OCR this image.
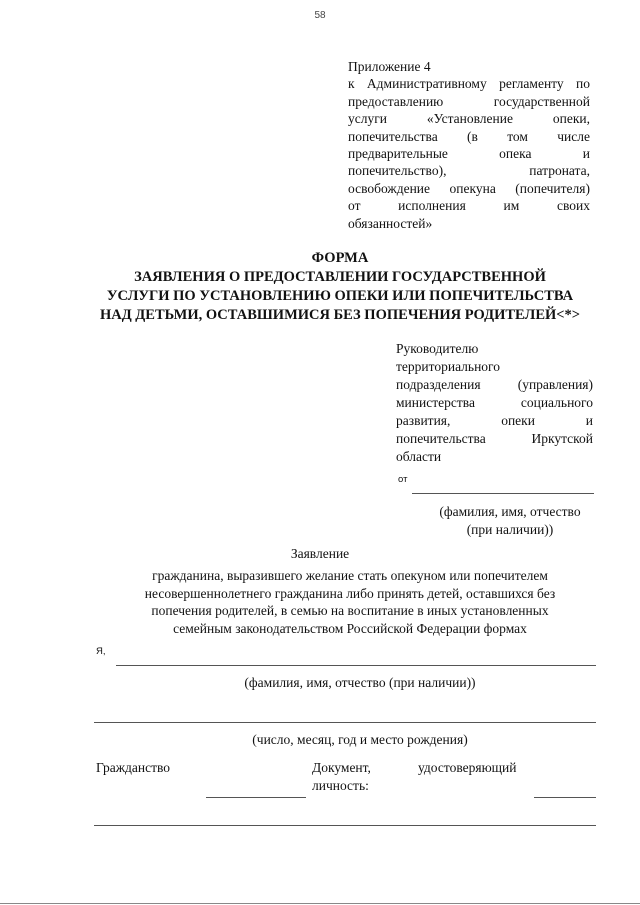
58
Приложение 4
к Административному регламенту по
предоставлению государственной
услуги «Установление опеки,
попечительства (в том числе
предварительные опека и
попечительство), патроната,
освобождение опекуна (попечителя)
от исполнения им своих
обязанностей»
ФОРМА
ЗАЯВЛЕНИЯ О ПРЕДОСТАВЛЕНИИ ГОСУДАРСТВЕННОЙ
УСЛУГИ ПО УСТАНОВЛЕНИЮ ОПЕКИ ИЛИ ПОПЕЧИТЕЛЬСТВА
НАД ДЕТЬМИ, ОСТАВШИМИСЯ БЕЗ ПОПЕЧЕНИЯ РОДИТЕЛЕЙ<*>
Руководителю
территориального
подразделения (управления)
министерства социального
развития, опеки и
попечительства Иркутской
области
от
(фамилия, имя, отчество
(при наличии))
Заявление
гражданина, выразившего желание стать опекуном или попечителем
несовершеннолетнего гражданина либо принять детей, оставшихся без
попечения родителей, в семью на воспитание в иных установленных
семейным законодательством Российской Федерации формах
Я,
(фамилия, имя, отчество (при наличии))
(число, месяц, год и место рождения)
Гражданство	Документ,	удостоверяющий
личность:
